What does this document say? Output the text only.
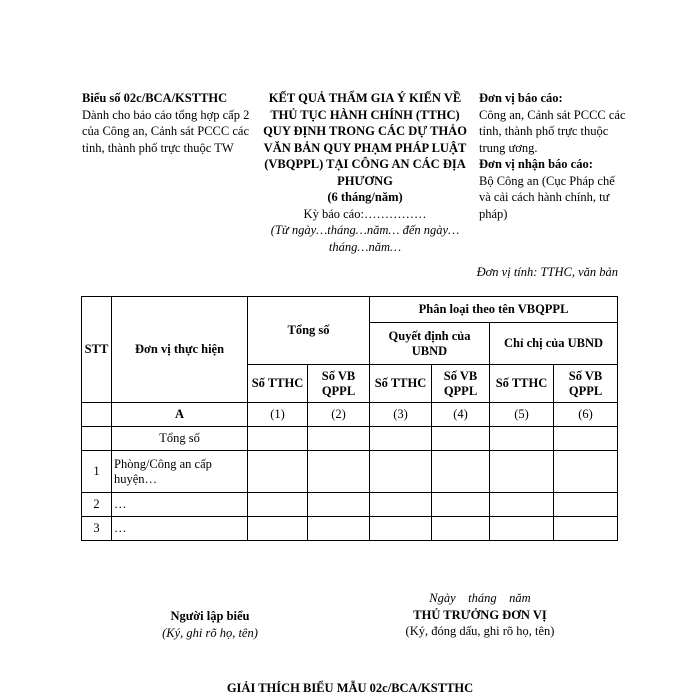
Biểu số 02c/BCA/KSTTHC
Dành cho báo cáo tổng hợp cấp 2 của Công an, Cảnh sát PCCC các tỉnh, thành phố trực thuộc TW
KẾT QUẢ THẨM GIA Ý KIẾN VỀ
THỦ TỤC HÀNH CHÍNH (TTHC)
QUY ĐỊNH TRONG CÁC DỰ THẢO
VĂN BẢN QUY PHẠM PHÁP LUẬT
(VBQPPL) TẠI CÔNG AN CÁC ĐỊA
PHƯƠNG
(6 tháng/năm)
Kỳ báo cáo:……………
(Từ ngày…tháng…năm… đến ngày… tháng…năm…
Đơn vị báo cáo:
Công an, Cảnh sát PCCC các tỉnh, thành phố trực thuộc trung ương.
Đơn vị nhận báo cáo:
Bộ Công an (Cục Pháp chế và cải cách hành chính, tư pháp)
Đơn vị tính: TTHC, văn bản
STT	Đơn vị thực hiện	Tổng số		Phân loại theo tên VBQPPL			
				Quyết định của UBND		Chỉ chị của UBND	
		Số TTHC	Số VB QPPL	Số TTHC	Số VB QPPL	Số TTHC	Số VB QPPL
	A	(1)	(2)	(3)	(4)	(5)	(6)
	Tổng số						
1	Phòng/Công an cấp huyện…						
2	…						
3	…						
Người lập biểu
(Ký, ghi rõ họ, tên)
Ngày    tháng    năm
THỦ TRƯỞNG ĐƠN VỊ
(Ký, đóng dấu, ghi rõ họ, tên)
GIẢI THÍCH BIỂU MẪU 02c/BCA/KSTTHC
